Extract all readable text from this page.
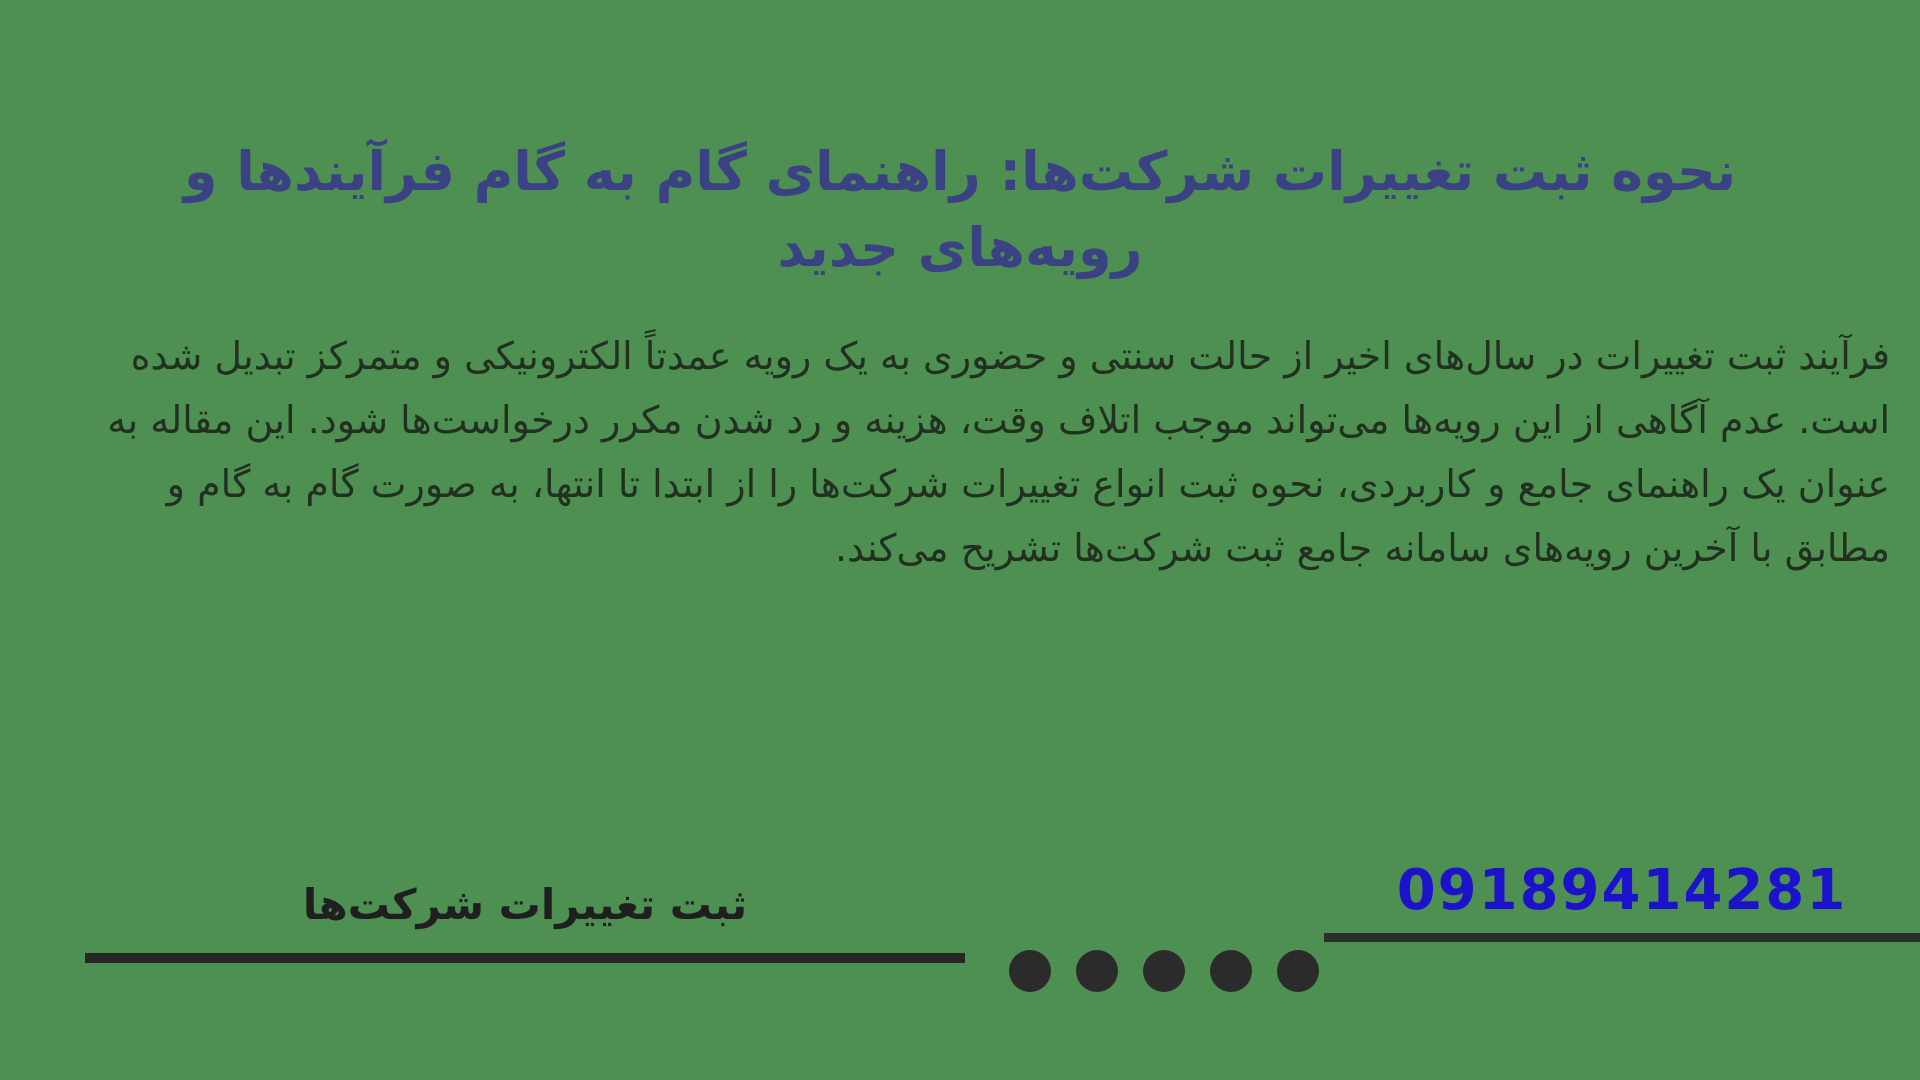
نحوه ثبت تغییرات شرکت‌ها: راهنمای گام به گام فرآیندها و رویه‌های جدید

فرآیند ثبت تغییرات در سال‌های اخیر از حالت سنتی و حضوری به یک رویه عمدتاً الکترونیکی و متمرکز تبدیل شده است. عدم آگاهی از این رویه‌ها می‌تواند موجب اتلاف وقت، هزینه و رد شدن مکرر درخواست‌ها شود. این مقاله به عنوان یک راهنمای جامع و کاربردی، نحوه ثبت انواع تغییرات شرکت‌ها را از ابتدا تا انتها، به صورت گام به گام و مطابق با آخرین رویه‌های سامانه جامع ثبت شرکت‌ها تشریح می‌کند.

ثبت تغییرات شرکت‌ها	09189414281
